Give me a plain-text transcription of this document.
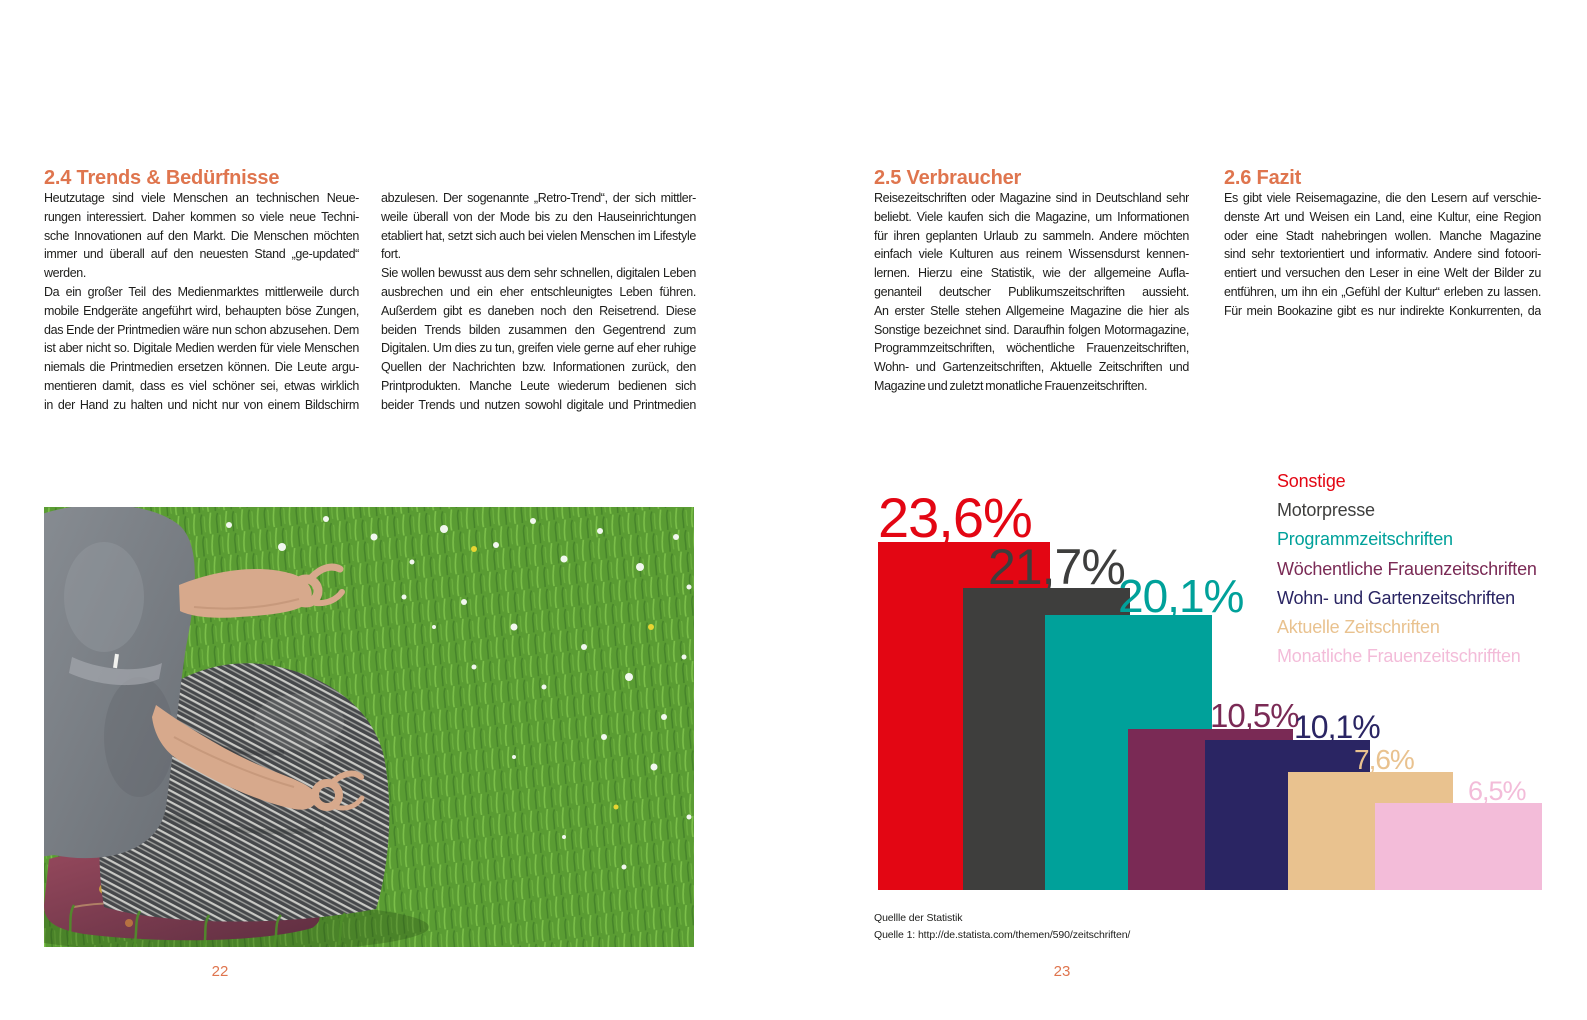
2.4 Trends & Bedürfnisse
Heutzutage sind viele Menschen an technischen Neue-
rungen interessiert. Daher kommen so viele neue Techni-
sche Innovationen auf den Markt. Die Menschen möchten
immer und überall auf den neuesten Stand „ge-updated“
werden.
Da ein großer Teil des Medienmarktes mittlerweile durch
mobile Endgeräte angeführt wird, behaupten böse Zungen,
das Ende der Printmedien wäre nun schon abzusehen. Dem
ist aber nicht so. Digitale Medien werden für viele Menschen
niemals die Printmedien ersetzen können. Die Leute argu-
mentieren damit, dass es viel schöner sei, etwas wirklich
in der Hand zu halten und nicht nur von einem Bildschirm
abzulesen. Der sogenannte „Retro-Trend“, der sich mittler-
weile überall von der Mode bis zu den Hauseinrichtungen
etabliert hat, setzt sich auch bei vielen Menschen im Lifestyle
fort.
Sie wollen bewusst aus dem sehr schnellen, digitalen Leben
ausbrechen und ein eher entschleunigtes Leben führen.
Außerdem gibt es daneben noch den Reisetrend. Diese
beiden Trends bilden zusammen den Gegentrend zum
Digitalen. Um dies zu tun, greifen viele gerne auf eher ruhige
Quellen der Nachrichten bzw. Informationen zurück, den
Printprodukten. Manche Leute wiederum bedienen sich
beider Trends und nutzen sowohl digitale und Printmedien
22
2.5 Verbraucher	2.6 Fazit
Reisezeitschriften oder Magazine sind in Deutschland sehr
beliebt. Viele kaufen sich die Magazine, um Informationen
für ihren geplanten Urlaub zu sammeln. Andere möchten
einfach viele Kulturen aus reinem Wissensdurst kennen-
lernen. Hierzu eine Statistik, wie der allgemeine Aufla-
genanteil deutscher Publikumszeitschriften aussieht.
An erster Stelle stehen Allgemeine Magazine die hier als
Sonstige bezeichnet sind. Daraufhin folgen Motormagazine,
Programmzeitschriften, wöchentliche Frauenzeitschriften,
Wohn- und Gartenzeitschriften, Aktuelle Zeitschriften und
Magazine und zuletzt monatliche Frauenzeitschriften.
Es gibt viele Reisemagazine, die den Lesern auf verschie-
denste Art und Weisen ein Land, eine Kultur, eine Region
oder eine Stadt nahebringen wollen. Manche Magazine
sind sehr textorientiert und informativ. Andere sind fotoori-
entiert und versuchen den Leser in eine Welt der Bilder zu
entführen, um ihn ein „Gefühl der Kultur“ erleben zu lassen.
Für mein Bookazine gibt es nur indirekte Konkurrenten, da
23,6%
21,7%
20,1%
10,5%
10,1%
7,6%
6,5%
Sonstige
Motorpresse
Programmzeitschriften
Wöchentliche Frauenzeitschriften
Wohn- und Gartenzeitschriften
Aktuelle Zeitschriften
Monatliche Frauenzeitschrifften
Quellle der Statistik
Quelle 1: http://de.statista.com/themen/590/zeitschriften/
23
